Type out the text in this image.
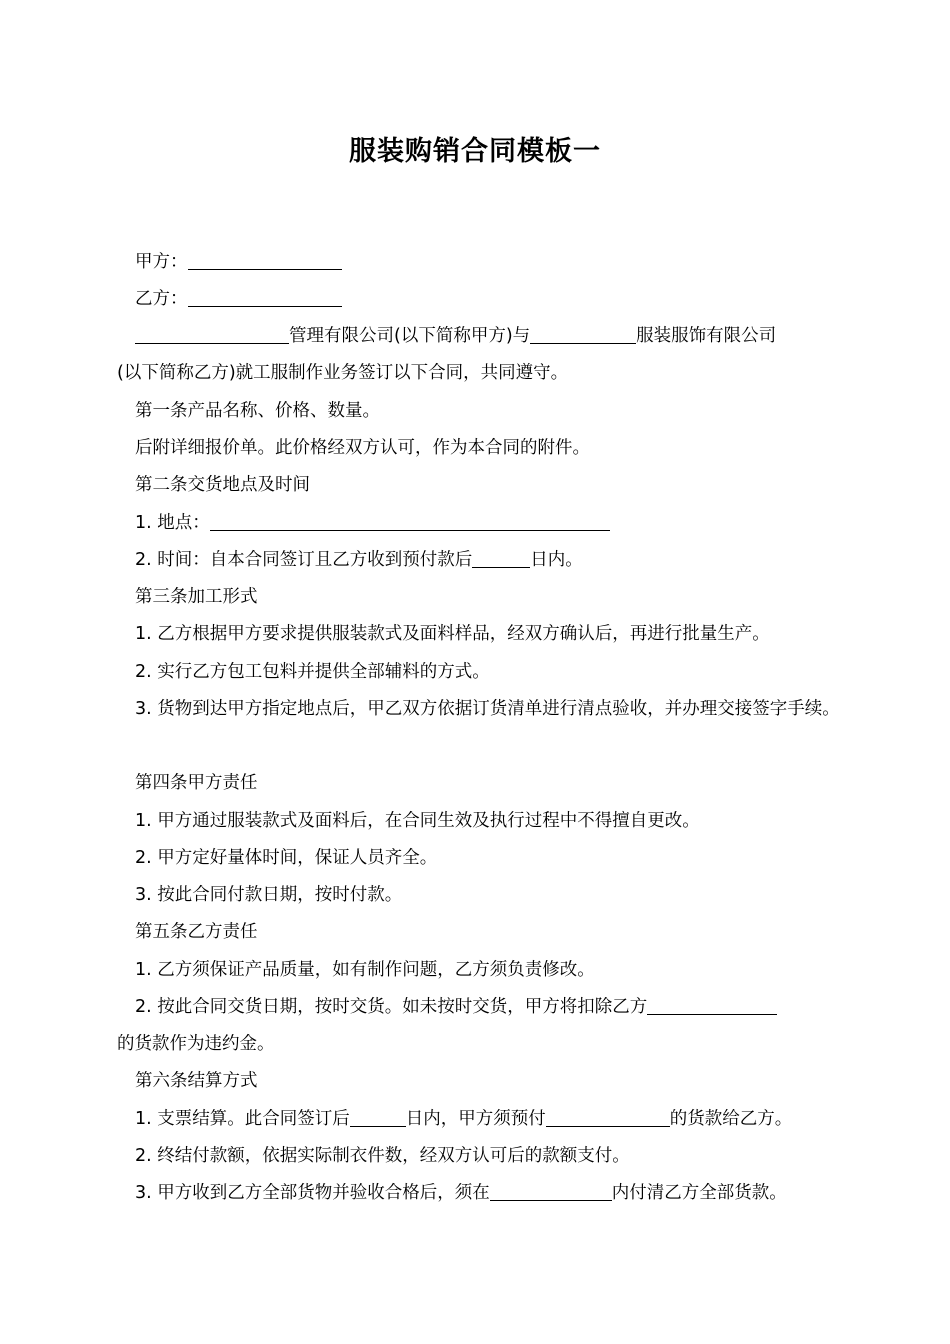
服装购销合同模板一

甲方：

乙方：

管理有限公司(以下简称甲方)与	服装服饰有限公司
(以下简称乙方)就工服制作业务签订以下合同，共同遵守。

第一条产品名称、价格、数量。

后附详细报价单。此价格经双方认可，作为本合同的附件。

第二条交货地点及时间

1. 地点：

2. 时间：自本合同签订且乙方收到预付款后	日内。

第三条加工形式

1. 乙方根据甲方要求提供服装款式及面料样品，经双方确认后，再进行批量生产。

2. 实行乙方包工包料并提供全部辅料的方式。

3. 货物到达甲方指定地点后，甲乙双方依据订货清单进行清点验收，并办理交接签字手续。

第四条甲方责任

1. 甲方通过服装款式及面料后，在合同生效及执行过程中不得擅自更改。

2. 甲方定好量体时间，保证人员齐全。

3. 按此合同付款日期，按时付款。

第五条乙方责任

1. 乙方须保证产品质量，如有制作问题，乙方须负责修改。

2. 按此合同交货日期，按时交货。如未按时交货，甲方将扣除乙方
的货款作为违约金。

第六条结算方式

1. 支票结算。此合同签订后	日内，甲方须预付	的货款给乙方。

2. 终结付款额，依据实际制衣件数，经双方认可后的款额支付。

3. 甲方收到乙方全部货物并验收合格后，须在	内付清乙方全部货款。
